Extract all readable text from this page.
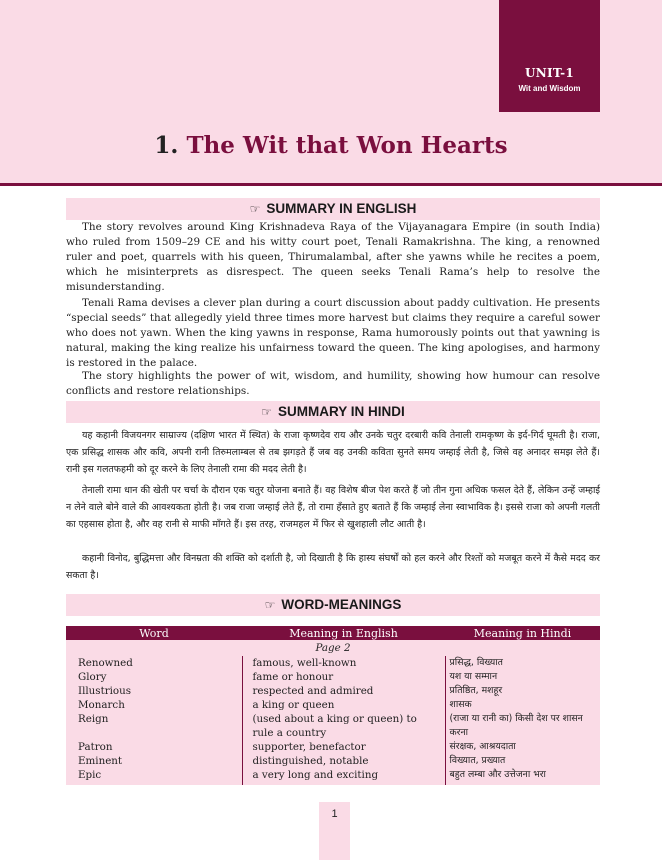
UNIT-1
Wit and Wisdom
1. The Wit that Won Hearts
☞ SUMMARY IN ENGLISH

The story revolves around King Krishnadeva Raya of the Vijayanagara Empire (in south India) who ruled from 1509–29 CE and his witty court poet, Tenali Ramakrishna. The king, a renowned ruler and poet, quarrels with his queen, Thirumalambal, after she yawns while he recites a poem, which he misinterprets as disrespect. The queen seeks Tenali Rama’s help to resolve the misunderstanding.

Tenali Rama devises a clever plan during a court discussion about paddy cultivation. He presents “special seeds” that allegedly yield three times more harvest but claims they require a careful sower who does not yawn. When the king yawns in response, Rama humorously points out that yawning is natural, making the king realize his unfairness toward the queen. The king apologises, and harmony is restored in the palace.

The story highlights the power of wit, wisdom, and humility, showing how humour can resolve conflicts and restore relationships.

☞ SUMMARY IN HINDI

यह कहानी विजयनगर साम्राज्य (दक्षिण भारत में स्थित) के राजा कृष्णदेव राय और उनके चतुर दरबारी कवि तेनाली रामकृष्ण के इर्द-गिर्द घूमती है। राजा, एक प्रसिद्ध शासक और कवि, अपनी रानी तिरुमलाम्बल से तब झगड़ते हैं जब वह उनकी कविता सुनते समय जम्हाई लेती है, जिसे वह अनादर समझ लेते हैं। रानी इस गलतफहमी को दूर करने के लिए तेनाली रामा की मदद लेती है।

तेनाली रामा धान की खेती पर चर्चा के दौरान एक चतुर योजना बनाते हैं। वह विशेष बीज पेश करते हैं जो तीन गुना अधिक फसल देते हैं, लेकिन उन्हें जम्हाई न लेने वाले बोने वाले की आवश्यकता होती है। जब राजा जम्हाई लेते हैं, तो रामा हँसाते हुए बताते हैं कि जम्हाई लेना स्वाभाविक है। इससे राजा को अपनी गलती का एहसास होता है, और वह रानी से माफी माँगते हैं। इस तरह, राजमहल में फिर से खुशहाली लौट आती है।

कहानी विनोद, बुद्धिमत्ता और विनम्रता की शक्ति को दर्शाती है, जो दिखाती है कि हास्य संघर्षों को हल करने और रिश्तों को मजबूत करने में कैसे मदद कर सकता है।

☞ WORD-MEANINGS
Word	Meaning in English	Meaning in Hindi
Page 2		
Renowned	famous, well-known	प्रसिद्ध, विख्यात
Glory	fame or honour	यश या सम्मान
Illustrious	respected and admired	प्रतिष्ठित, मशहूर
Monarch	a king or queen	शासक
Reign	(used about a king or queen) to rule a country	(राजा या रानी का) किसी देश पर शासन करना
Patron	supporter, benefactor	संरक्षक, आश्रयदाता
Eminent	distinguished, notable	विख्यात, प्रख्यात
Epic	a very long and exciting	बहुत लम्बा और उत्तेजना भरा
1
